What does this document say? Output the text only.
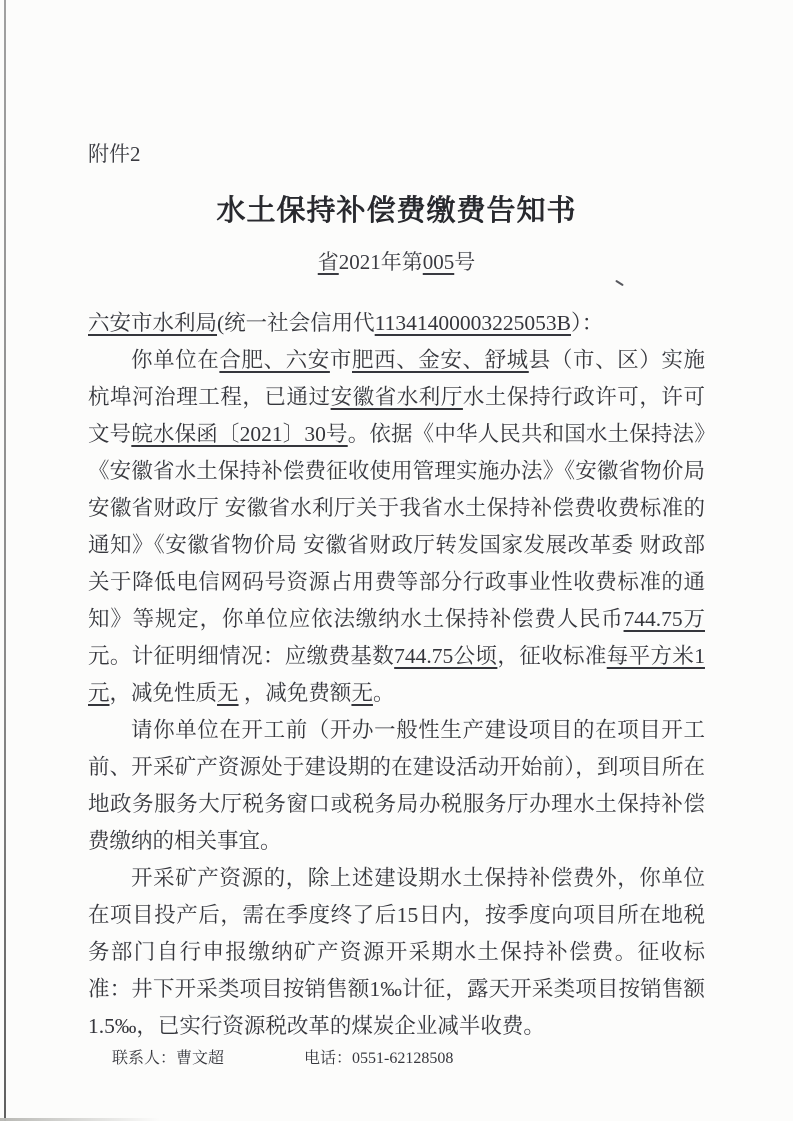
附件2
水土保持补偿费缴费告知书
省2021年第005号

六安市水利局(统一社会信用代11341400003225053B）：

你单位在合肥、六安市肥西、金安、舒城县（市、区）实施杭埠河治理工程，已通过安徽省水利厅水土保持行政许可，许可文号皖水保函〔2021〕30号。依据《中华人民共和国水土保持法》《安徽省水土保持补偿费征收使用管理实施办法》《安徽省物价局 安徽省财政厅 安徽省水利厅关于我省水土保持补偿费收费标准的通知》《安徽省物价局 安徽省财政厅转发国家发展改革委 财政部关于降低电信网码号资源占用费等部分行政事业性收费标准的通知》等规定，你单位应依法缴纳水土保持补偿费人民币744.75万元。计征明细情况：应缴费基数744.75公顷，征收标准每平方米1元，减免性质无 ，减免费额无。

请你单位在开工前（开办一般性生产建设项目的在项目开工前、开采矿产资源处于建设期的在建设活动开始前），到项目所在地政务服务大厅税务窗口或税务局办税服务厅办理水土保持补偿费缴纳的相关事宜。

开采矿产资源的，除上述建设期水土保持补偿费外，你单位在项目投产后，需在季度终了后15日内，按季度向项目所在地税务部门自行申报缴纳矿产资源开采期水土保持补偿费。征收标准：井下开采类项目按销售额1‰计征，露天开采类项目按销售额1.5‰，已实行资源税改革的煤炭企业减半收费。

联系人：曹文超	电话：0551-62128508
